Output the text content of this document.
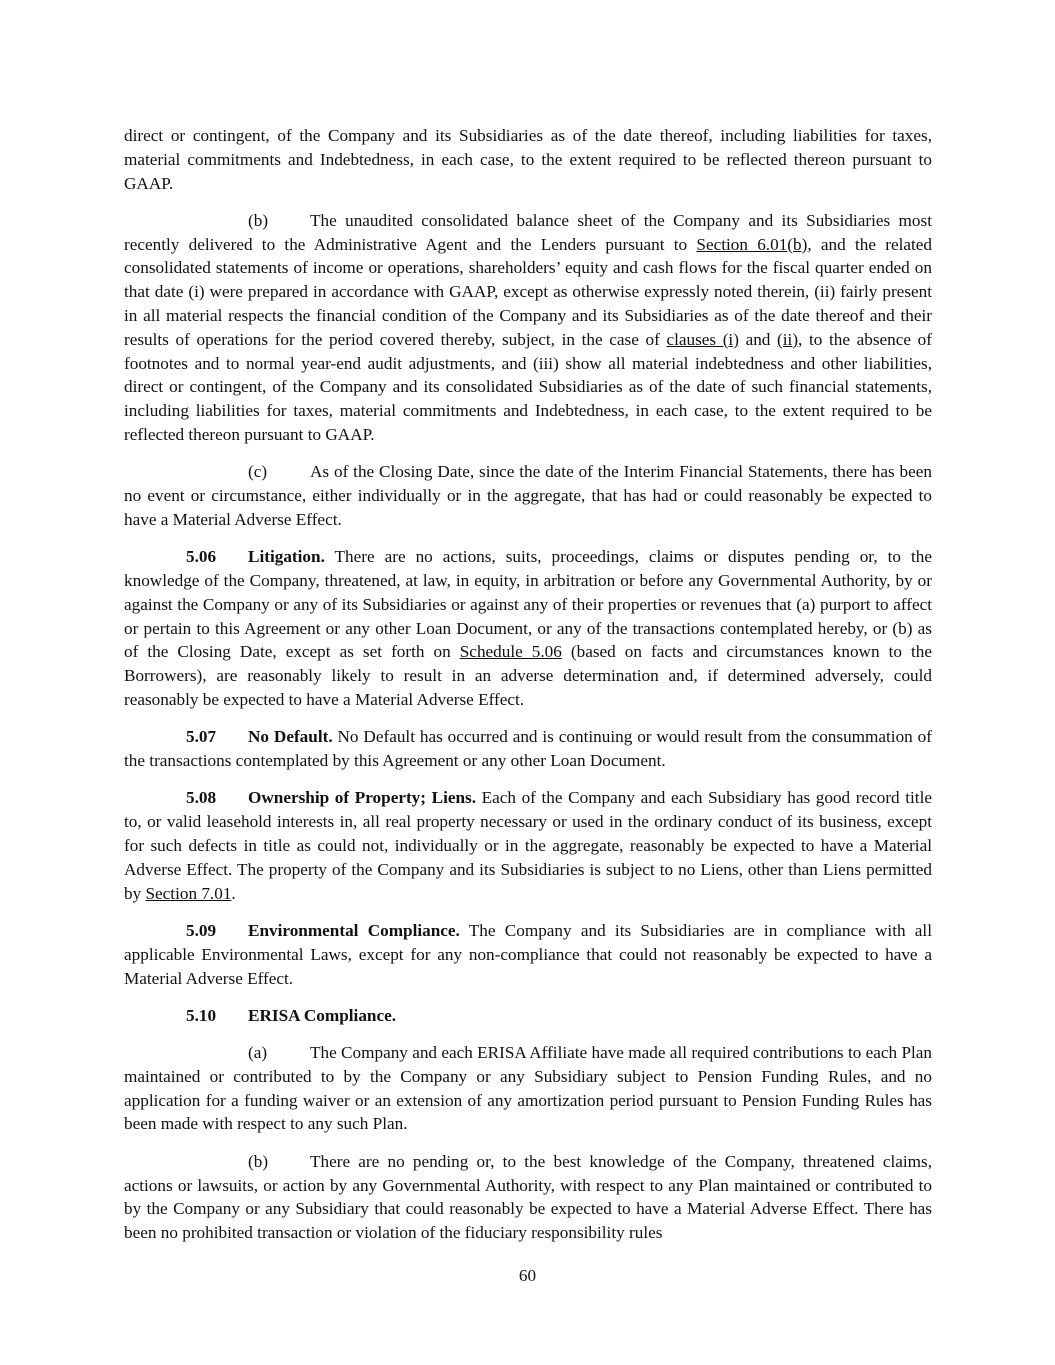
direct or contingent, of the Company and its Subsidiaries as of the date thereof, including liabilities for taxes, material commitments and Indebtedness, in each case, to the extent required to be reflected thereon pursuant to GAAP.

(b) The unaudited consolidated balance sheet of the Company and its Subsidiaries most recently delivered to the Administrative Agent and the Lenders pursuant to Section 6.01(b), and the related consolidated statements of income or operations, shareholders’ equity and cash flows for the fiscal quarter ended on that date (i) were prepared in accordance with GAAP, except as otherwise expressly noted therein, (ii) fairly present in all material respects the financial condition of the Company and its Subsidiaries as of the date thereof and their results of operations for the period covered thereby, subject, in the case of clauses (i) and (ii), to the absence of footnotes and to normal year-end audit adjustments, and (iii) show all material indebtedness and other liabilities, direct or contingent, of the Company and its consolidated Subsidiaries as of the date of such financial statements, including liabilities for taxes, material commitments and Indebtedness, in each case, to the extent required to be reflected thereon pursuant to GAAP.

(c) As of the Closing Date, since the date of the Interim Financial Statements, there has been no event or circumstance, either individually or in the aggregate, that has had or could reasonably be expected to have a Material Adverse Effect.

5.06 Litigation. There are no actions, suits, proceedings, claims or disputes pending or, to the knowledge of the Company, threatened, at law, in equity, in arbitration or before any Governmental Authority, by or against the Company or any of its Subsidiaries or against any of their properties or revenues that (a) purport to affect or pertain to this Agreement or any other Loan Document, or any of the transactions contemplated hereby, or (b) as of the Closing Date, except as set forth on Schedule 5.06 (based on facts and circumstances known to the Borrowers), are reasonably likely to result in an adverse determination and, if determined adversely, could reasonably be expected to have a Material Adverse Effect.

5.07 No Default. No Default has occurred and is continuing or would result from the consummation of the transactions contemplated by this Agreement or any other Loan Document.

5.08 Ownership of Property; Liens. Each of the Company and each Subsidiary has good record title to, or valid leasehold interests in, all real property necessary or used in the ordinary conduct of its business, except for such defects in title as could not, individually or in the aggregate, reasonably be expected to have a Material Adverse Effect. The property of the Company and its Subsidiaries is subject to no Liens, other than Liens permitted by Section 7.01.

5.09 Environmental Compliance. The Company and its Subsidiaries are in compliance with all applicable Environmental Laws, except for any non-compliance that could not reasonably be expected to have a Material Adverse Effect.

5.10 ERISA Compliance.

(a) The Company and each ERISA Affiliate have made all required contributions to each Plan maintained or contributed to by the Company or any Subsidiary subject to Pension Funding Rules, and no application for a funding waiver or an extension of any amortization period pursuant to Pension Funding Rules has been made with respect to any such Plan.

(b) There are no pending or, to the best knowledge of the Company, threatened claims, actions or lawsuits, or action by any Governmental Authority, with respect to any Plan maintained or contributed to by the Company or any Subsidiary that could reasonably be expected to have a Material Adverse Effect. There has been no prohibited transaction or violation of the fiduciary responsibility rules

60
